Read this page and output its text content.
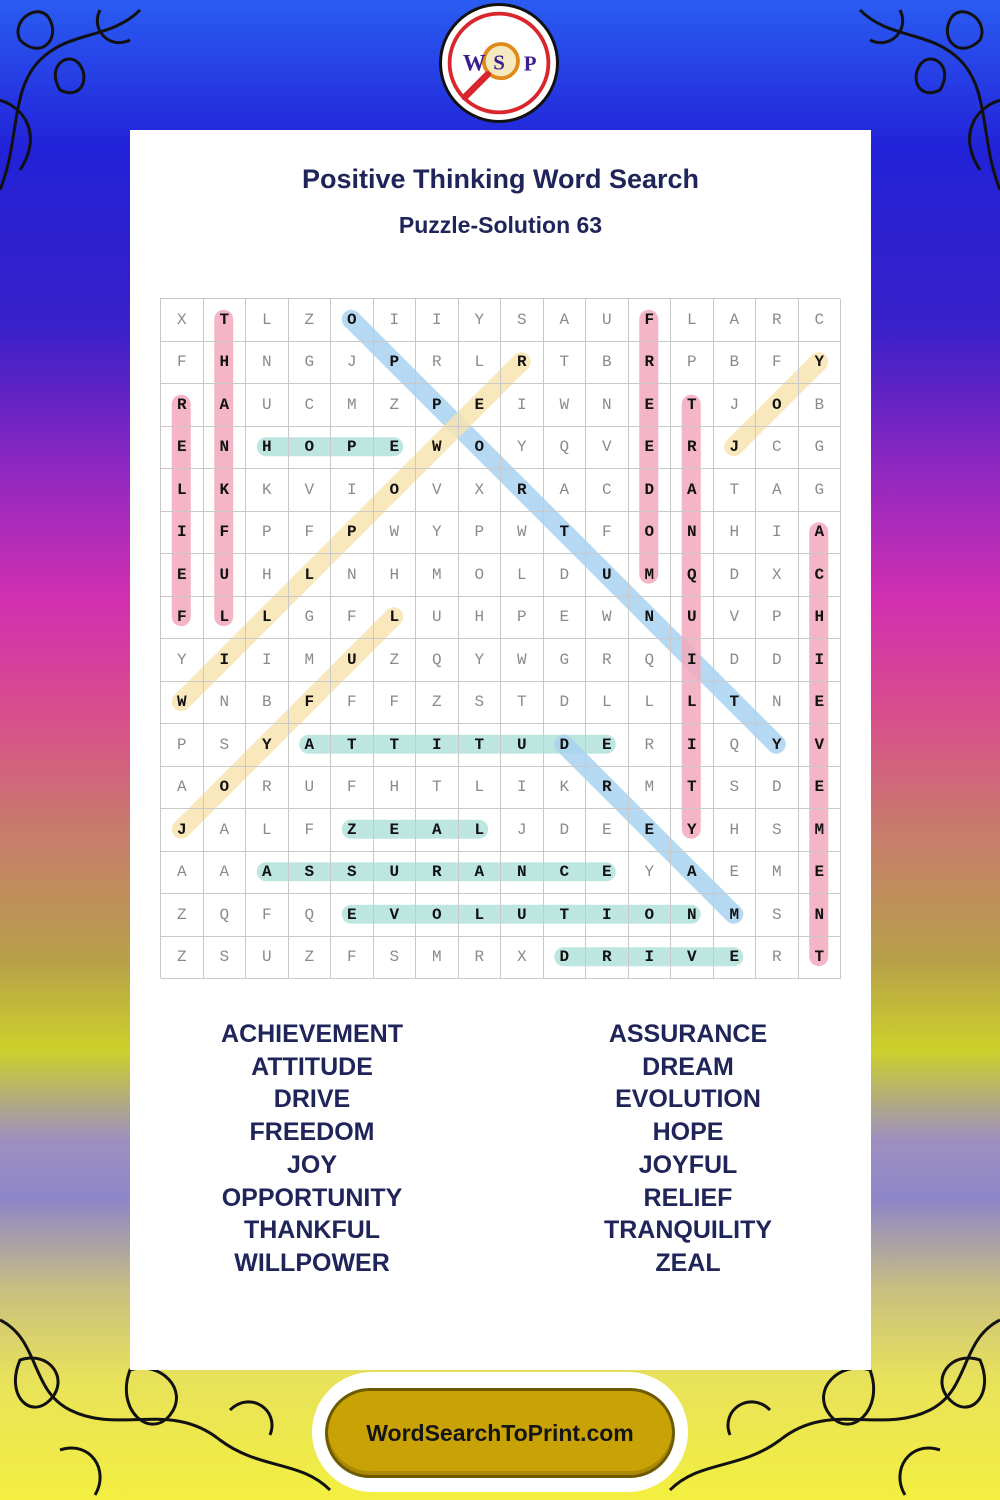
W S P
Positive Thinking Word Search
Puzzle-Solution 63
X	T	L	Z	O	I	I	Y	S	A	U	F	L	A	R	C
F	H	N	G	J	P	R	L	R	T	B	R	P	B	F	Y
R	A	U	C	M	Z	P	E	I	W	N	E	T	J	O	B
E	N	H	O	P	E	W	O	Y	Q	V	E	R	J	C	G
L	K	K	V	I	O	V	X	R	A	C	D	A	T	A	G
I	F	P	F	P	W	Y	P	W	T	F	O	N	H	I	A
E	U	H	L	N	H	M	O	L	D	U	M	Q	D	X	C
F	L	L	G	F	L	U	H	P	E	W	N	U	V	P	H
Y	I	I	M	U	Z	Q	Y	W	G	R	Q	I	D	D	I
W	N	B	F	F	F	Z	S	T	D	L	L	L	T	N	E
P	S	Y	A	T	T	I	T	U	D	E	R	I	Q	Y	V
A	O	R	U	F	H	T	L	I	K	R	M	T	S	D	E
J	A	L	F	Z	E	A	L	J	D	E	E	Y	H	S	M
A	A	A	S	S	U	R	A	N	C	E	Y	A	E	M	E
Z	Q	F	Q	E	V	O	L	U	T	I	O	N	M	S	N
Z	S	U	Z	F	S	M	R	X	D	R	I	V	E	R	T
ACHIEVEMENT
ATTITUDE
DRIVE
FREEDOM
JOY
OPPORTUNITY
THANKFUL
WILLPOWER
ASSURANCE
DREAM
EVOLUTION
HOPE
JOYFUL
RELIEF
TRANQUILITY
ZEAL
WordSearchToPrint.com
